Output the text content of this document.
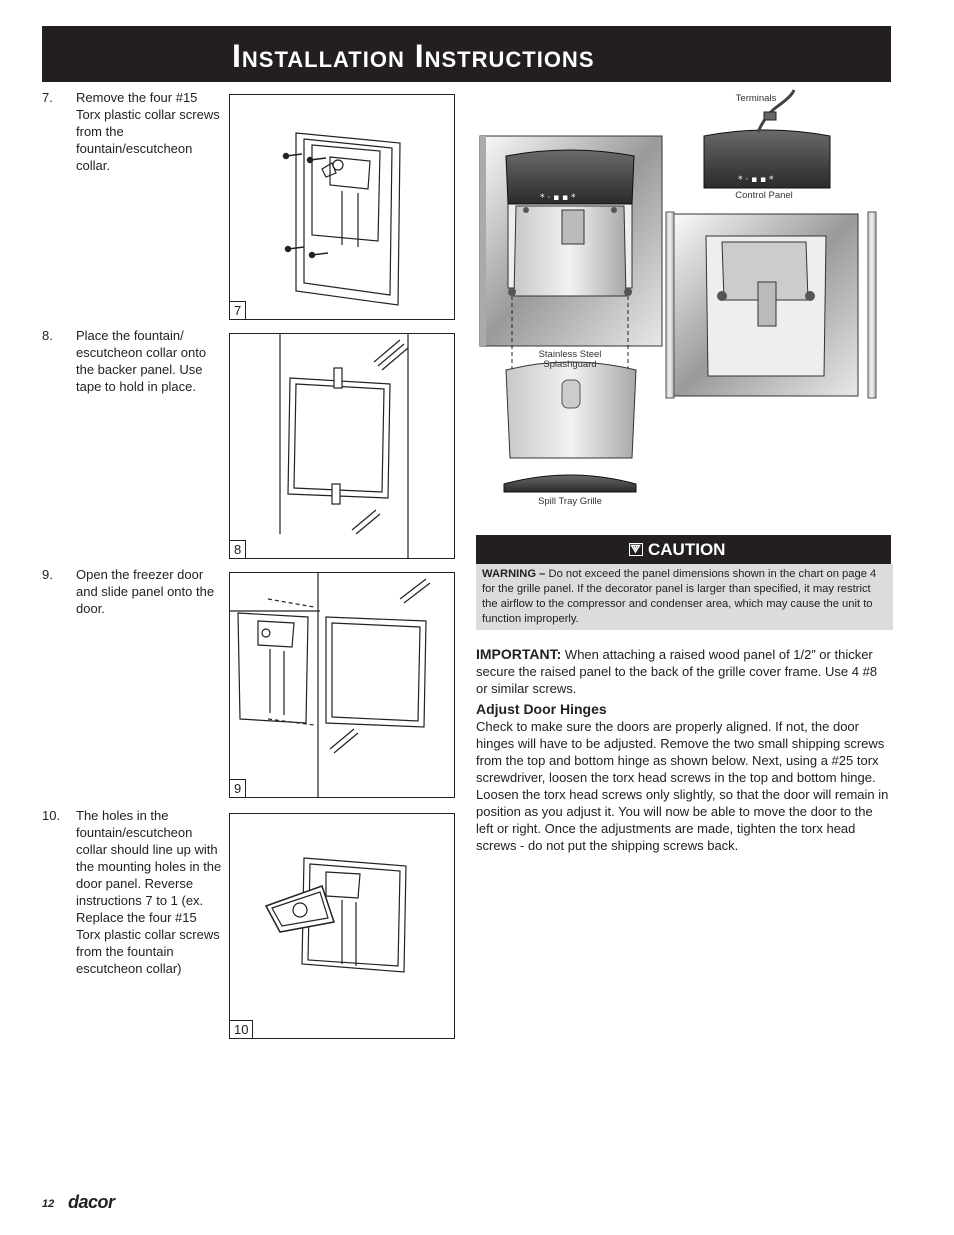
Installation Instructions
7. Remove the four #15 Torx plastic collar screws from the fountain/escutcheon collar.
7
8. Place the fountain/ escutcheon collar onto the backer panel. Use tape to hold in place.
8
9. Open the freezer door and slide panel onto the door.
9
10. The holes in the fountain/escutcheon collar should line up with the mounting holes in the door panel. Reverse instructions 7 to 1 (ex. Replace the four #15 Torx plastic collar screws from the fountain escutcheon collar)
10
* · ▪ ▪ *
* · ▪ ▪ *
Terminals
Control Panel
Stainless Steel Splashguard
Spill Tray Grille
CAUTION
WARNING – Do not exceed the panel dimensions shown in the chart on page 4 for the grille panel. If the decorator panel is larger than specified, it may restrict the airflow to the compressor and condenser area, which may cause the unit to function improperly.
IMPORTANT: When attaching a raised wood panel of 1/2” or thicker secure the raised panel to the back of the grille cover frame. Use 4 #8 or similar screws.
Adjust Door Hinges
Check to make sure the doors are properly aligned. If not, the door hinges will have to be adjusted. Remove the two small shipping screws from the top and bottom hinge as shown below. Next, using a #25 torx screwdriver, loosen the torx head screws in the top and bottom hinge. Loosen the torx head screws only slightly, so that the door will remain in position as you adjust it. You will now be able to move the door to the left or right. Once the adjustments are made, tighten the torx head screws - do not put the shipping screws back.
12 dacor
